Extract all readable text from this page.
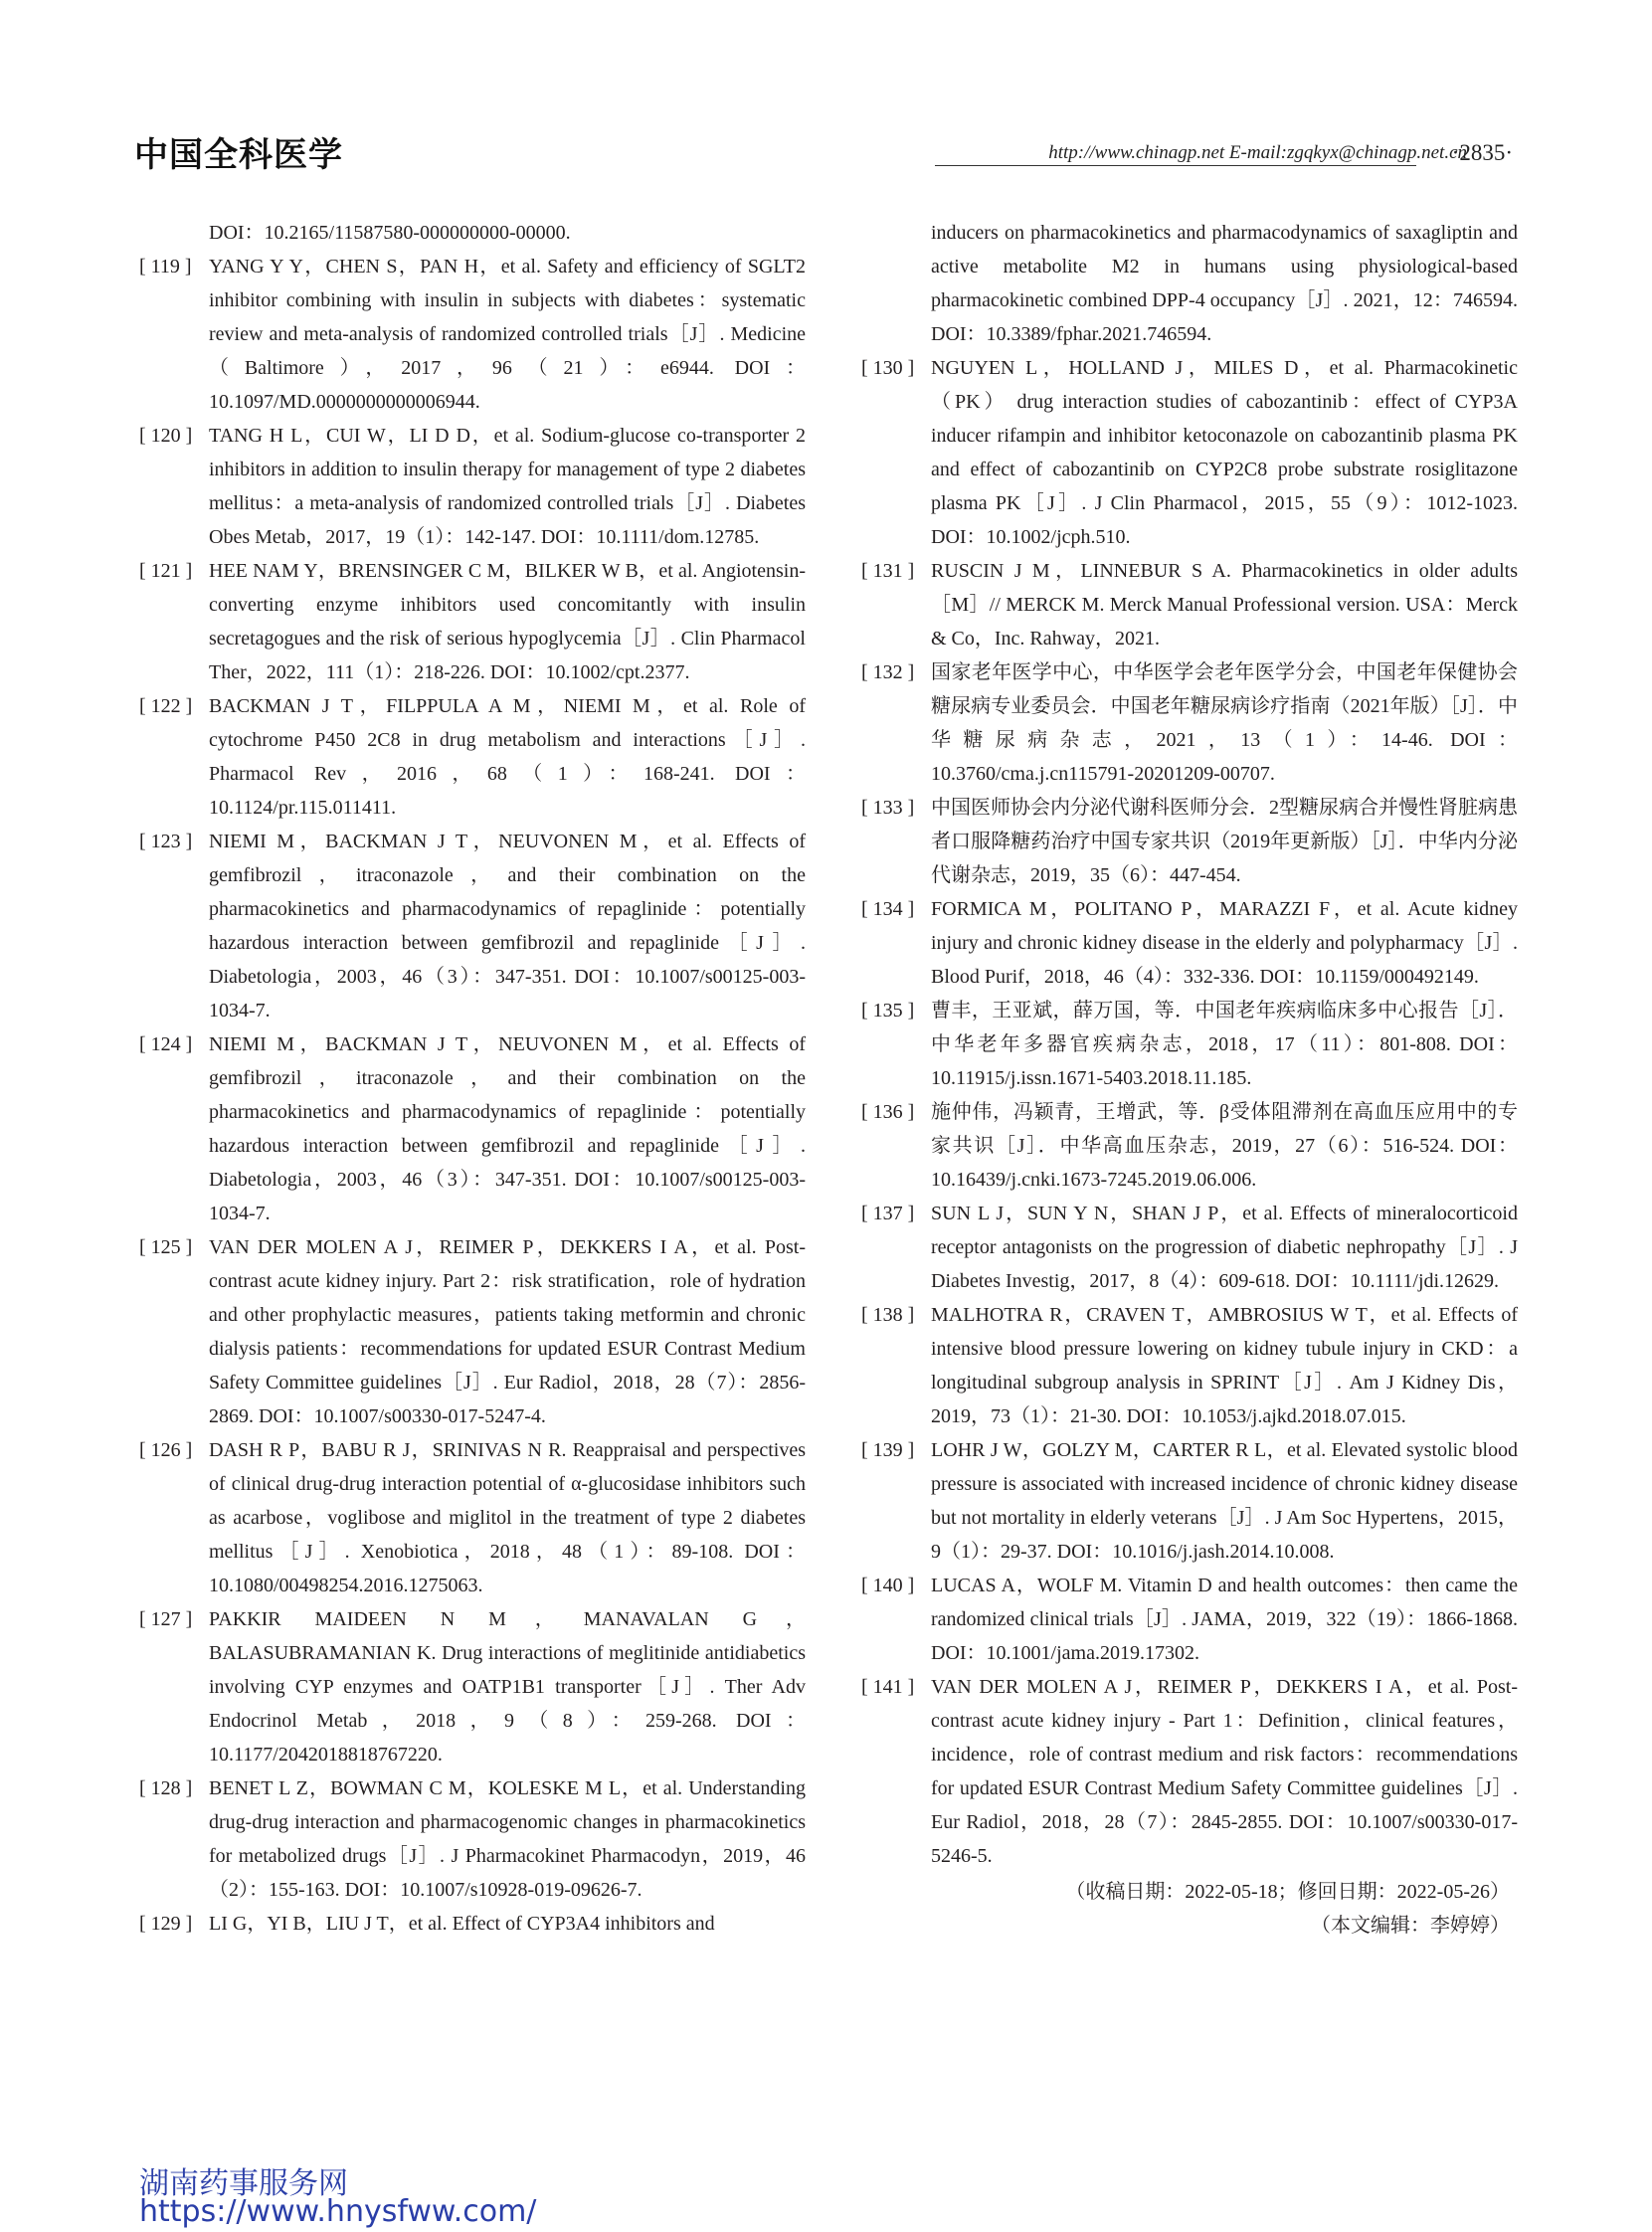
中国全科医学	http://www.chinagp.net E-mail:zgqkyx@chinagp.net.cn
·2835·
DOI：10.2165/11587580-000000000-00000.
[ 119 ] YANG Y Y，CHEN S，PAN H，et al. Safety and efficiency of SGLT2 inhibitor combining with insulin in subjects with diabetes：systematic review and meta-analysis of randomized controlled trials［J］. Medicine （Baltimore），2017，96（21）：e6944. DOI：10.1097/MD.0000000000006944.
[ 120 ] TANG H L，CUI W，LI D D，et al. Sodium-glucose co-transporter 2 inhibitors in addition to insulin therapy for management of type 2 diabetes mellitus：a meta-analysis of randomized controlled trials［J］. Diabetes Obes Metab，2017，19（1）：142-147. DOI：10.1111/dom.12785.
[ 121 ] HEE NAM Y，BRENSINGER C M，BILKER W B，et al. Angiotensin-converting enzyme inhibitors used concomitantly with insulin secretagogues and the risk of serious hypoglycemia［J］. Clin Pharmacol Ther，2022，111（1）：218-226. DOI：10.1002/cpt.2377.
[ 122 ] BACKMAN J T，FILPPULA A M，NIEMI M，et al. Role of cytochrome P450 2C8 in drug metabolism and interactions［J］. Pharmacol Rev，2016，68（1）：168-241. DOI：10.1124/pr.115.011411.
[ 123 ] NIEMI M，BACKMAN J T，NEUVONEN M，et al. Effects of gemfibrozil，itraconazole，and their combination on the pharmacokinetics and pharmacodynamics of repaglinide：potentially hazardous interaction between gemfibrozil and repaglinide［J］. Diabetologia，2003，46（3）：347-351. DOI：10.1007/s00125-003-1034-7.
[ 124 ] NIEMI M，BACKMAN J T，NEUVONEN M，et al. Effects of gemfibrozil，itraconazole，and their combination on the pharmacokinetics and pharmacodynamics of repaglinide：potentially hazardous interaction between gemfibrozil and repaglinide［J］. Diabetologia，2003，46（3）：347-351. DOI：10.1007/s00125-003-1034-7.
[ 125 ] VAN DER MOLEN A J，REIMER P，DEKKERS I A，et al. Post-contrast acute kidney injury. Part 2：risk stratification，role of hydration and other prophylactic measures，patients taking metformin and chronic dialysis patients：recommendations for updated ESUR Contrast Medium Safety Committee guidelines［J］. Eur Radiol，2018，28（7）：2856-2869. DOI：10.1007/s00330-017-5247-4.
[ 126 ] DASH R P，BABU R J，SRINIVAS N R. Reappraisal and perspectives of clinical drug-drug interaction potential of α-glucosidase inhibitors such as acarbose，voglibose and miglitol in the treatment of type 2 diabetes mellitus［J］. Xenobiotica，2018，48（1）：89-108. DOI：10.1080/00498254.2016.1275063.
[ 127 ] PAKKIR MAIDEEN N M，MANAVALAN G，BALASUBRAMANIAN K. Drug interactions of meglitinide antidiabetics involving CYP enzymes and OATP1B1 transporter［J］. Ther Adv Endocrinol Metab，2018，9（8）：259-268. DOI：10.1177/2042018818767220.
[ 128 ] BENET L Z，BOWMAN C M，KOLESKE M L，et al. Understanding drug-drug interaction and pharmacogenomic changes in pharmacokinetics for metabolized drugs［J］. J Pharmacokinet Pharmacodyn，2019，46（2）：155-163. DOI：10.1007/s10928-019-09626-7.
[ 129 ] LI G，YI B，LIU J T，et al. Effect of CYP3A4 inhibitors and
inducers on pharmacokinetics and pharmacodynamics of saxagliptin and active metabolite M2 in humans using physiological-based pharmacokinetic combined DPP-4 occupancy［J］. 2021，12：746594. DOI：10.3389/fphar.2021.746594.
[ 130 ] NGUYEN L，HOLLAND J，MILES D，et al. Pharmacokinetic（PK） drug interaction studies of cabozantinib：effect of CYP3A inducer rifampin and inhibitor ketoconazole on cabozantinib plasma PK and effect of cabozantinib on CYP2C8 probe substrate rosiglitazone plasma PK［J］. J Clin Pharmacol，2015，55（9）：1012-1023. DOI：10.1002/jcph.510.
[ 131 ] RUSCIN J M，LINNEBUR S A. Pharmacokinetics in older adults［M］// MERCK M. Merck Manual Professional version. USA：Merck & Co，Inc. Rahway，2021.
[ 132 ] 国家老年医学中心，中华医学会老年医学分会，中国老年保健协会糖尿病专业委员会．中国老年糖尿病诊疗指南（2021年版）［J］．中华糖尿病杂志，2021，13（1）：14-46. DOI：10.3760/cma.j.cn115791-20201209-00707.
[ 133 ] 中国医师协会内分泌代谢科医师分会．2型糖尿病合并慢性肾脏病患者口服降糖药治疗中国专家共识（2019年更新版）［J］．中华内分泌代谢杂志，2019，35（6）：447-454.
[ 134 ] FORMICA M，POLITANO P，MARAZZI F，et al. Acute kidney injury and chronic kidney disease in the elderly and polypharmacy［J］. Blood Purif，2018，46（4）：332-336. DOI：10.1159/000492149.
[ 135 ] 曹丰，王亚斌，薛万国，等．中国老年疾病临床多中心报告［J］．中华老年多器官疾病杂志，2018，17（11）：801-808. DOI：10.11915/j.issn.1671-5403.2018.11.185.
[ 136 ] 施仲伟，冯颖青，王增武，等．β受体阻滞剂在高血压应用中的专家共识［J］．中华高血压杂志，2019，27（6）：516-524. DOI：10.16439/j.cnki.1673-7245.2019.06.006.
[ 137 ] SUN L J，SUN Y N，SHAN J P，et al. Effects of mineralocorticoid receptor antagonists on the progression of diabetic nephropathy［J］. J Diabetes Investig，2017，8（4）：609-618. DOI：10.1111/jdi.12629.
[ 138 ] MALHOTRA R，CRAVEN T，AMBROSIUS W T，et al. Effects of intensive blood pressure lowering on kidney tubule injury in CKD：a longitudinal subgroup analysis in SPRINT［J］. Am J Kidney Dis，2019，73（1）：21-30. DOI：10.1053/j.ajkd.2018.07.015.
[ 139 ] LOHR J W，GOLZY M，CARTER R L，et al. Elevated systolic blood pressure is associated with increased incidence of chronic kidney disease but not mortality in elderly veterans［J］. J Am Soc Hypertens，2015，9（1）：29-37. DOI：10.1016/j.jash.2014.10.008.
[ 140 ] LUCAS A，WOLF M. Vitamin D and health outcomes：then came the randomized clinical trials［J］. JAMA，2019，322（19）：1866-1868. DOI：10.1001/jama.2019.17302.
[ 141 ] VAN DER MOLEN A J，REIMER P，DEKKERS I A，et al. Post-contrast acute kidney injury - Part 1：Definition，clinical features，incidence，role of contrast medium and risk factors：recommendations for updated ESUR Contrast Medium Safety Committee guidelines［J］. Eur Radiol，2018，28（7）：2845-2855. DOI：10.1007/s00330-017-5246-5.
（收稿日期：2022-05-18；修回日期：2022-05-26）
（本文编辑：李婷婷）
湖南药事服务网
https://www.hnysfww.com/
